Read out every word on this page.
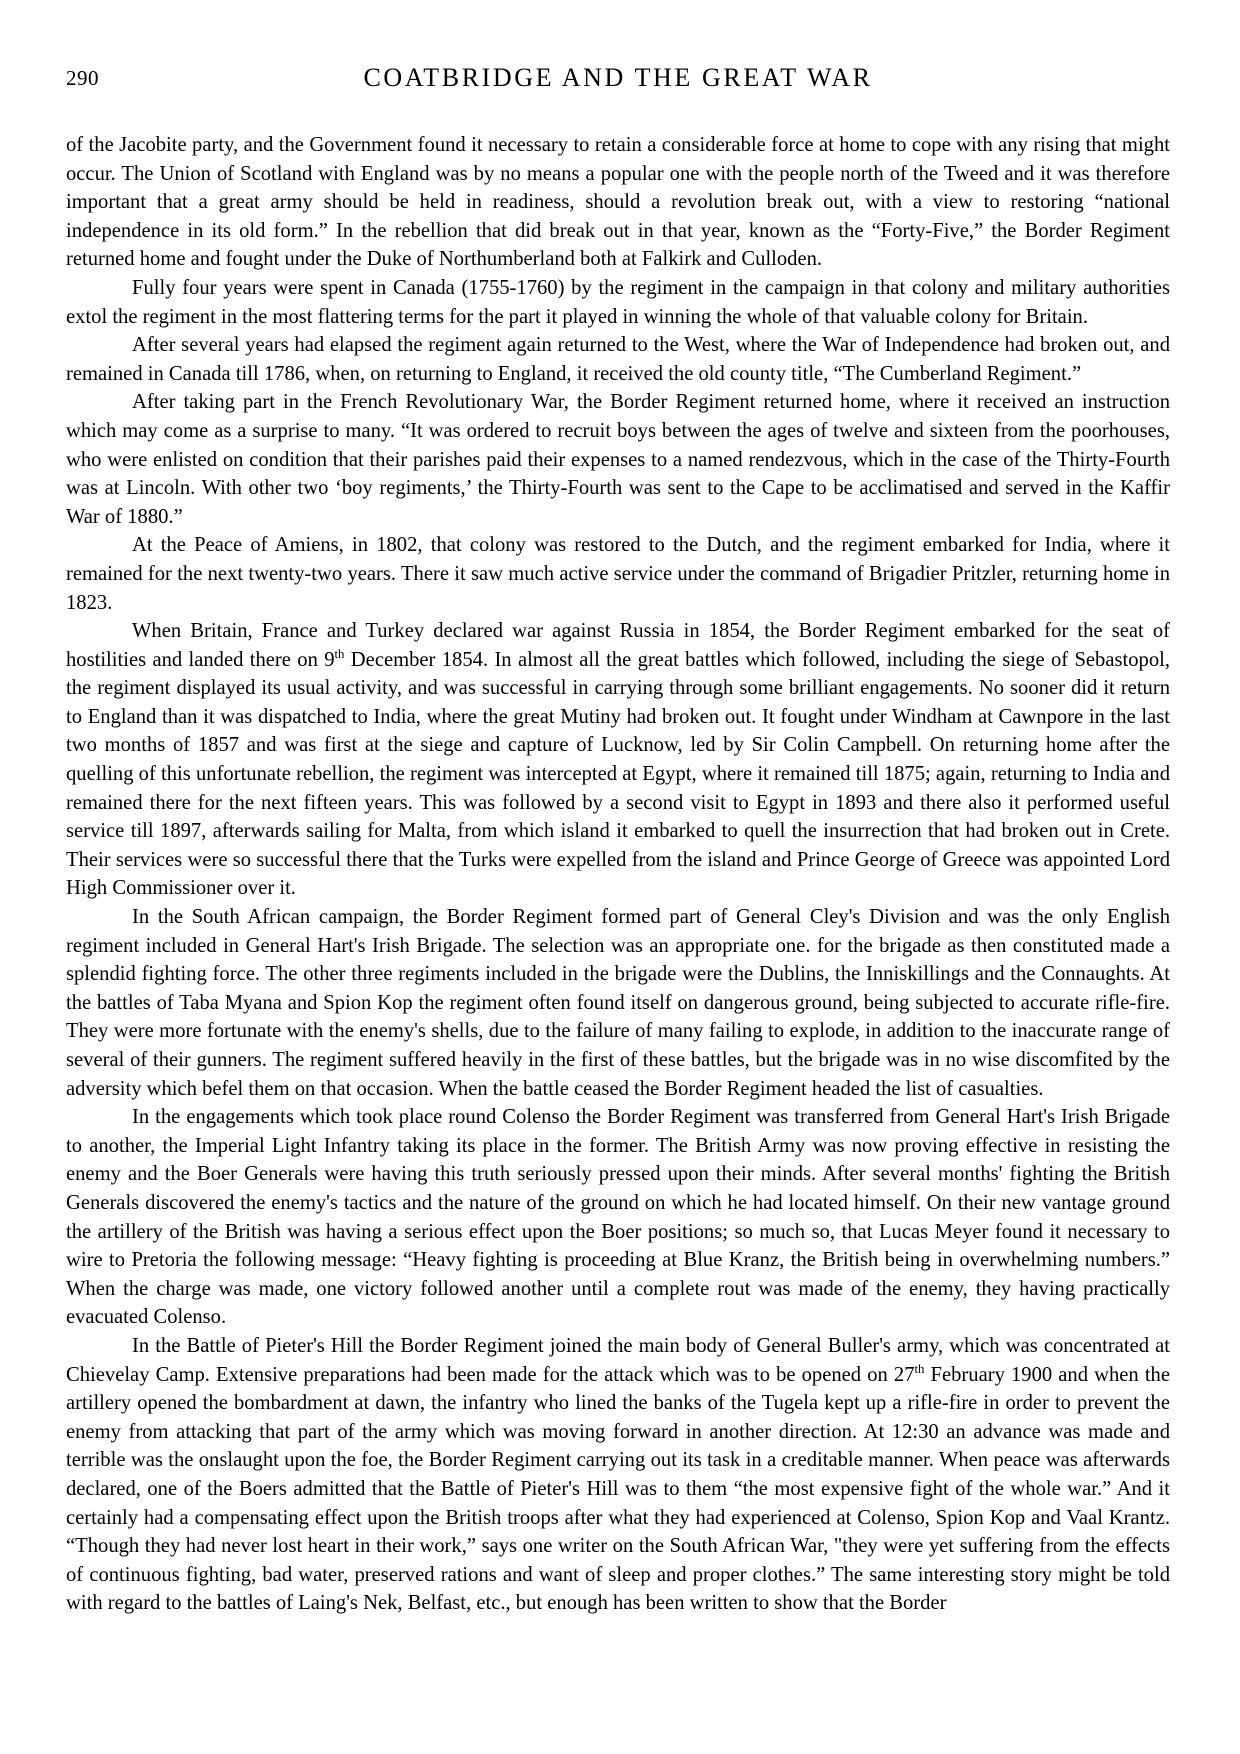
290	COATBRIDGE AND THE GREAT WAR

of the Jacobite party, and the Government found it necessary to retain a considerable force at home to cope with any rising that might occur. The Union of Scotland with England was by no means a popular one with the people north of the Tweed and it was therefore important that a great army should be held in readiness, should a revolution break out, with a view to restoring “national independence in its old form.” In the rebellion that did break out in that year, known as the “Forty-Five,” the Border Regiment returned home and fought under the Duke of Northumberland both at Falkirk and Culloden.

Fully four years were spent in Canada (1755-1760) by the regiment in the campaign in that colony and military authorities extol the regiment in the most flattering terms for the part it played in winning the whole of that valuable colony for Britain.

After several years had elapsed the regiment again returned to the West, where the War of Independence had broken out, and remained in Canada till 1786, when, on returning to England, it received the old county title, “The Cumberland Regiment.”

After taking part in the French Revolutionary War, the Border Regiment returned home, where it received an instruction which may come as a surprise to many. “It was ordered to recruit boys between the ages of twelve and sixteen from the poorhouses, who were enlisted on condition that their parishes paid their expenses to a named rendezvous, which in the case of the Thirty-Fourth was at Lincoln. With other two ‘boy regiments,’ the Thirty-Fourth was sent to the Cape to be acclimatised and served in the Kaffir War of 1880.”

At the Peace of Amiens, in 1802, that colony was restored to the Dutch, and the regiment embarked for India, where it remained for the next twenty-two years. There it saw much active service under the command of Brigadier Pritzler, returning home in 1823.

When Britain, France and Turkey declared war against Russia in 1854, the Border Regiment embarked for the seat of hostilities and landed there on 9th December 1854. In almost all the great battles which followed, including the siege of Sebastopol, the regiment displayed its usual activity, and was successful in carrying through some brilliant engagements. No sooner did it return to England than it was dispatched to India, where the great Mutiny had broken out. It fought under Windham at Cawnpore in the last two months of 1857 and was first at the siege and capture of Lucknow, led by Sir Colin Campbell. On returning home after the quelling of this unfortunate rebellion, the regiment was intercepted at Egypt, where it remained till 1875; again, returning to India and remained there for the next fifteen years. This was followed by a second visit to Egypt in 1893 and there also it performed useful service till 1897, afterwards sailing for Malta, from which island it embarked to quell the insurrection that had broken out in Crete. Their services were so successful there that the Turks were expelled from the island and Prince George of Greece was appointed Lord High Commissioner over it.

In the South African campaign, the Border Regiment formed part of General Cley's Division and was the only English regiment included in General Hart's Irish Brigade. The selection was an appropriate one. for the brigade as then constituted made a splendid fighting force. The other three regiments included in the brigade were the Dublins, the Inniskillings and the Connaughts. At the battles of Taba Myana and Spion Kop the regiment often found itself on dangerous ground, being subjected to accurate rifle-fire. They were more fortunate with the enemy's shells, due to the failure of many failing to explode, in addition to the inaccurate range of several of their gunners. The regiment suffered heavily in the first of these battles, but the brigade was in no wise discomfited by the adversity which befel them on that occasion. When the battle ceased the Border Regiment headed the list of casualties.

In the engagements which took place round Colenso the Border Regiment was transferred from General Hart's Irish Brigade to another, the Imperial Light Infantry taking its place in the former. The British Army was now proving effective in resisting the enemy and the Boer Generals were having this truth seriously pressed upon their minds. After several months' fighting the British Generals discovered the enemy's tactics and the nature of the ground on which he had located himself. On their new vantage ground the artillery of the British was having a serious effect upon the Boer positions; so much so, that Lucas Meyer found it necessary to wire to Pretoria the following message: “Heavy fighting is proceeding at Blue Kranz, the British being in overwhelming numbers.” When the charge was made, one victory followed another until a complete rout was made of the enemy, they having practically evacuated Colenso.

In the Battle of Pieter's Hill the Border Regiment joined the main body of General Buller's army, which was concentrated at Chievelay Camp. Extensive preparations had been made for the attack which was to be opened on 27th February 1900 and when the artillery opened the bombardment at dawn, the infantry who lined the banks of the Tugela kept up a rifle-fire in order to prevent the enemy from attacking that part of the army which was moving forward in another direction. At 12:30 an advance was made and terrible was the onslaught upon the foe, the Border Regiment carrying out its task in a creditable manner. When peace was afterwards declared, one of the Boers admitted that the Battle of Pieter's Hill was to them “the most expensive fight of the whole war.” And it certainly had a compensating effect upon the British troops after what they had experienced at Colenso, Spion Kop and Vaal Krantz. “Though they had never lost heart in their work,” says one writer on the South African War, "they were yet suffering from the effects of continuous fighting, bad water, preserved rations and want of sleep and proper clothes.” The same interesting story might be told with regard to the battles of Laing's Nek, Belfast, etc., but enough has been written to show that the Border
